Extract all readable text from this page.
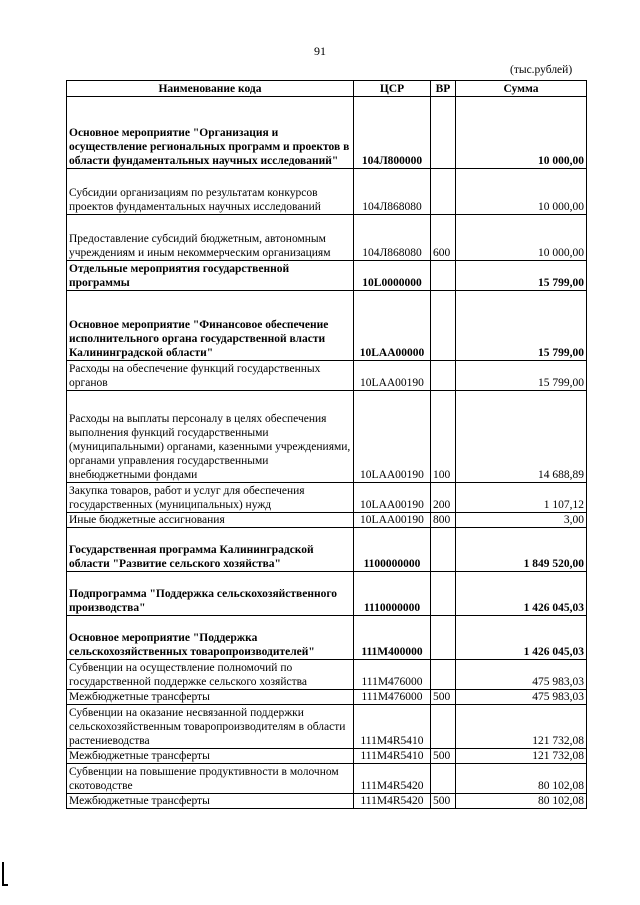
91
(тыс.рублей)
Наименование кода	ЦСР	ВР	Сумма
Основное мероприятие "Организация и осуществление региональных программ и проектов в области фундаментальных научных исследований"	104Л800000		10 000,00
Субсидии организациям по результатам конкурсов проектов фундаментальных научных исследований	104Л868080		10 000,00
Предоставление субсидий бюджетным, автономным учреждениям и иным некоммерческим организациям	104Л868080	600	10 000,00
Отдельные мероприятия государственной программы	10L0000000		15 799,00
Основное мероприятие "Финансовое обеспечение исполнительного органа государственной власти Калининградской области"	10LAA00000		15 799,00
Расходы на обеспечение функций государственных органов	10LAA00190		15 799,00
Расходы на выплаты персоналу в целях обеспечения выполнения функций государственными (муниципальными) органами, казенными учреждениями, органами управления государственными внебюджетными фондами	10LAA00190	100	14 688,89
Закупка товаров, работ и услуг для обеспечения государственных (муниципальных) нужд	10LAA00190	200	1 107,12
Иные бюджетные ассигнования	10LAA00190	800	3,00
Государственная программа Калининградской области "Развитие сельского хозяйства"	1100000000		1 849 520,00
Подпрограмма "Поддержка сельскохозяйственного производства"	1110000000		1 426 045,03
Основное мероприятие "Поддержка сельскохозяйственных товаропроизводителей"	111М400000		1 426 045,03
Субвенции на осуществление полномочий по государственной поддержке сельского хозяйства	111М476000		475 983,03
Межбюджетные трансферты	111М476000	500	475 983,03
Субвенции на оказание несвязанной поддержки сельскохозяйственным товаропроизводителям в области растениеводства	111М4R5410		121 732,08
Межбюджетные трансферты	111М4R5410	500	121 732,08
Субвенции на повышение продуктивности в молочном скотоводстве	111М4R5420		80 102,08
Межбюджетные трансферты	111М4R5420	500	80 102,08
